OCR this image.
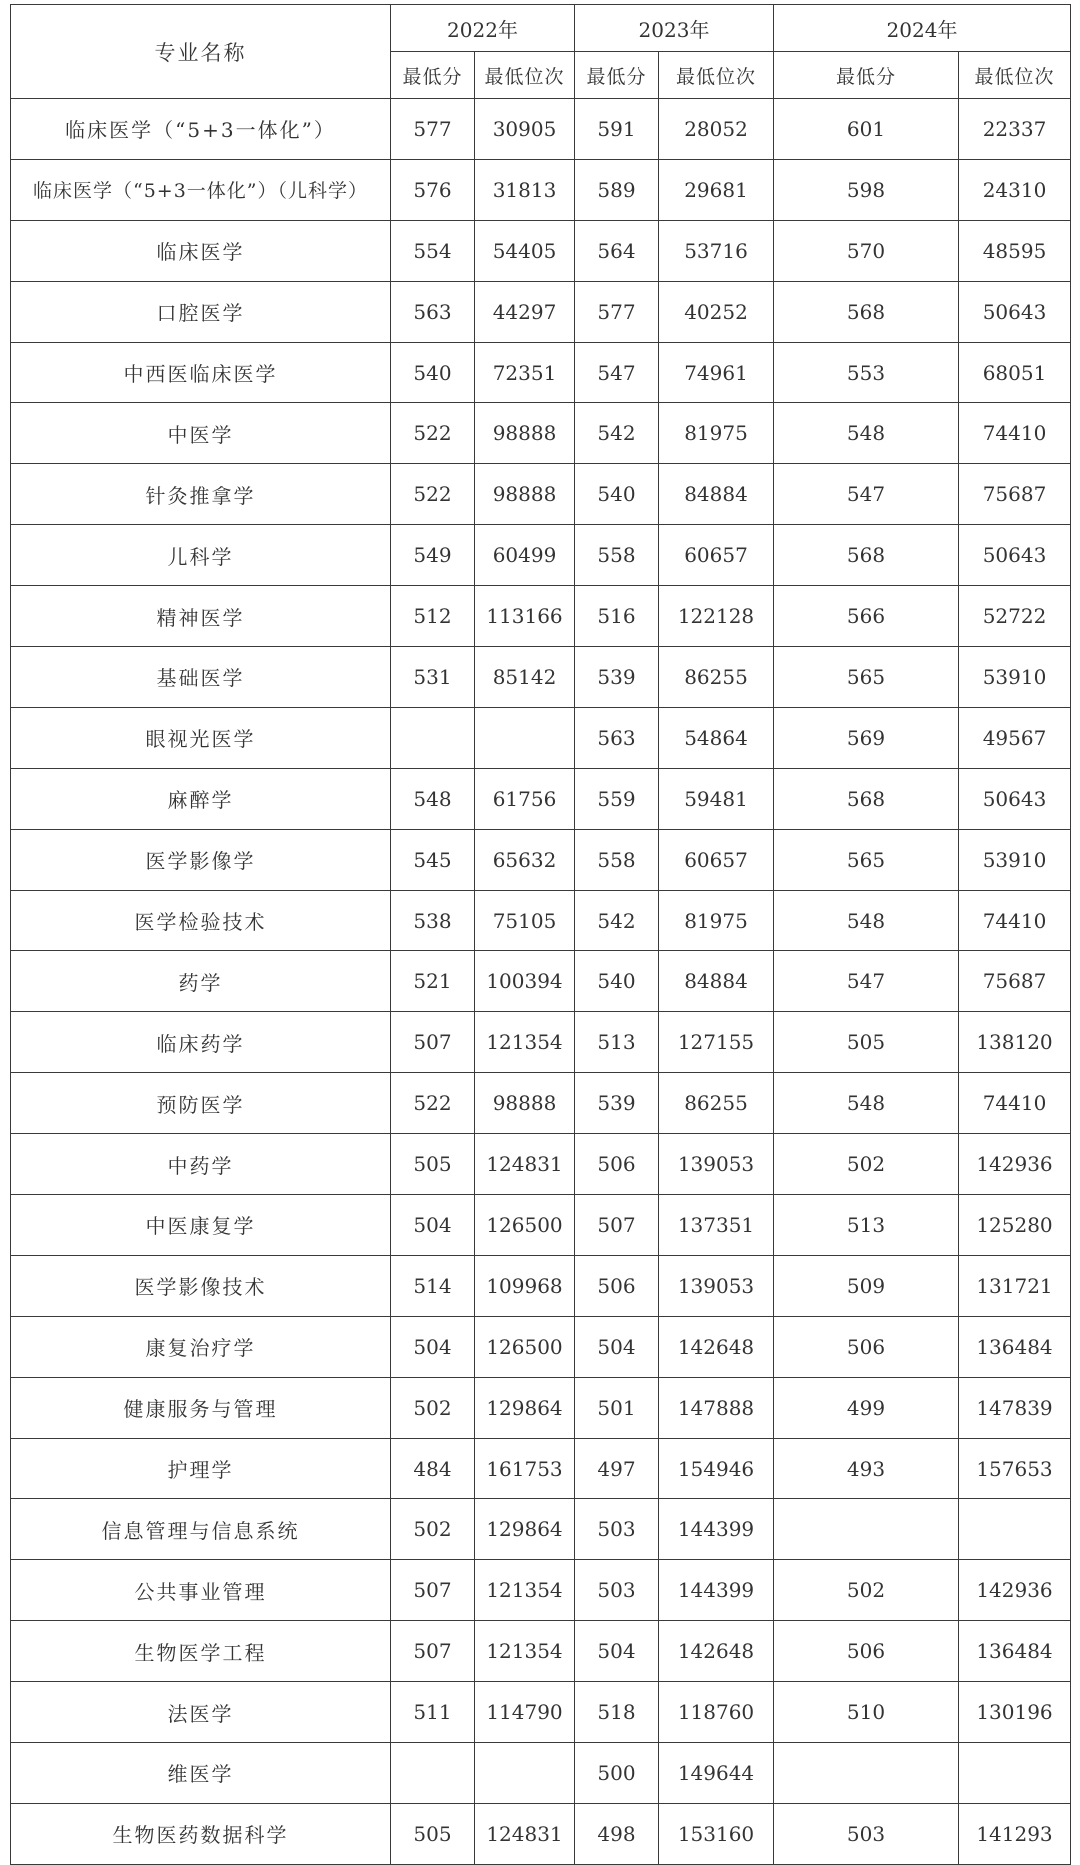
专业名称	2022年		2023年		2024年	
	最低分	最低位次	最低分	最低位次	最低分	最低位次
临床医学（“5+3一体化”）	577	30905	591	28052	601	22337
临床医学（“5+3一体化”）（儿科学）	576	31813	589	29681	598	24310
临床医学	554	54405	564	53716	570	48595
口腔医学	563	44297	577	40252	568	50643
中西医临床医学	540	72351	547	74961	553	68051
中医学	522	98888	542	81975	548	74410
针灸推拿学	522	98888	540	84884	547	75687
儿科学	549	60499	558	60657	568	50643
精神医学	512	113166	516	122128	566	52722
基础医学	531	85142	539	86255	565	53910
眼视光医学			563	54864	569	49567
麻醉学	548	61756	559	59481	568	50643
医学影像学	545	65632	558	60657	565	53910
医学检验技术	538	75105	542	81975	548	74410
药学	521	100394	540	84884	547	75687
临床药学	507	121354	513	127155	505	138120
预防医学	522	98888	539	86255	548	74410
中药学	505	124831	506	139053	502	142936
中医康复学	504	126500	507	137351	513	125280
医学影像技术	514	109968	506	139053	509	131721
康复治疗学	504	126500	504	142648	506	136484
健康服务与管理	502	129864	501	147888	499	147839
护理学	484	161753	497	154946	493	157653
信息管理与信息系统	502	129864	503	144399		
公共事业管理	507	121354	503	144399	502	142936
生物医学工程	507	121354	504	142648	506	136484
法医学	511	114790	518	118760	510	130196
维医学			500	149644		
生物医药数据科学	505	124831	498	153160	503	141293
